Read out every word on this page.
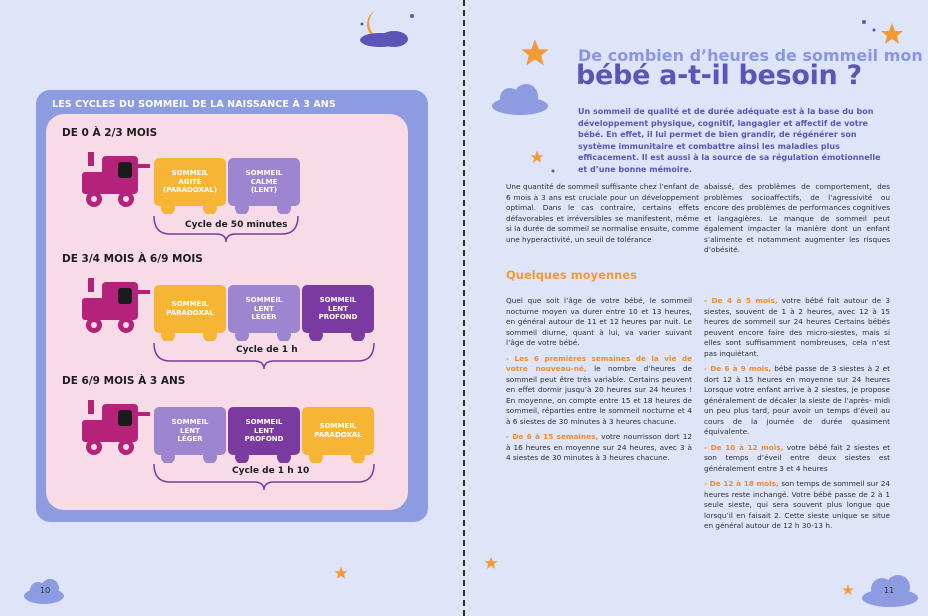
LES CYCLES DU SOMMEIL DE LA NAISSANCE À 3 ANS
DE 0 À 2/3 MOIS
SOMMEIL
AGITÉ
(PARADOXAL)
SOMMEIL
CALME
(LENT)
Cycle de 50 minutes
DE 3/4 MOIS À 6/9 MOIS
SOMMEIL
PARADOXAL
SOMMEIL
LENT
LÉGER
SOMMEIL
LENT
PROFOND
Cycle de 1 h
DE 6/9 MOIS À 3 ANS
SOMMEIL
LENT
LÉGER
SOMMEIL
LENT
PROFOND
SOMMEIL
PARADOXAL
Cycle de 1 h 10
10
De combien d’heures de sommeil mon
bébé a-t-il besoin ?
Un sommeil de qualité et de durée adéquate est à la base du bon développement physique, cognitif, langagier et affectif de votre bébé. En effet, il lui permet de bien grandir, de régénérer son système immunitaire et combattre ainsi les maladies plus efficacement. Il est aussi à la source de sa régulation émotionnelle et d’une bonne mémoire.
Une quantité de sommeil suffisante chez l’enfant de 6 mois à 3 ans est cruciale pour un développement optimal. Dans le cas contraire, certains effets défavorables et irréversibles se manifestent, même si la durée de sommeil se normalise ensuite, comme une hyperactivité, un seuil de tolérance
abaissé, des problèmes de comportement, des problèmes socioaffectifs, de l’agressivité ou encore des problèmes de performances cognitives et langagières. Le manque de sommeil peut également impacter la manière dont un enfant s’alimente et notamment augmenter les risques d’obésité.
Quelques moyennes

Quel que soit l’âge de votre bébé, le sommeil nocturne moyen va durer entre 10 et 13 heures, en général autour de 11 et 12 heures par nuit. Le sommeil diurne, quant à lui, va varier suivant l’âge de votre bébé.

- Les 6 premières semaines de la vie de votre nouveau-né, le nombre d’heures de sommeil peut être très variable. Certains peuvent en effet dormir jusqu’à 20 heures sur 24 heures ! En moyenne, on compte entre 15 et 18 heures de sommeil, réparties entre le sommeil nocturne et 4 à 6 siestes de 30 minutes à 3 heures chacune.

- De 6 à 15 semaines, votre nourrisson dort 12 à 16 heures en moyenne sur 24 heures, avec 3 à 4 siestes de 30 minutes à 3 heures chacune.

- De 4 à 5 mois, votre bébé fait autour de 3 siestes, souvent de 1 à 2 heures, avec 12 à 15 heures de sommeil sur 24 heures Certains bébés peuvent encore faire des micro-siestes, mais si elles sont suffisamment nombreuses, cela n’est pas inquiétant.

- De 6 à 9 mois, bébé passe de 3 siestes à 2 et dort 12 à 15 heures en moyenne sur 24 heures Lorsque votre enfant arrive à 2 siestes, je propose généralement de décaler la sieste de l’après- midi un peu plus tard, pour avoir un temps d’éveil au cours de la journée de durée quasiment équivalente.

- De 10 à 12 mois, votre bébé fait 2 siestes et son temps d’éveil entre deux siestes est généralement entre 3 et 4 heures

- De 12 à 18 mois, son temps de sommeil sur 24 heures reste inchangé. Votre bébé passe de 2 à 1 seule sieste, qui sera souvent plus longue que lorsqu’il en faisait 2. Cette sieste unique se situe en général autour de 12 h 30-13 h.

11
